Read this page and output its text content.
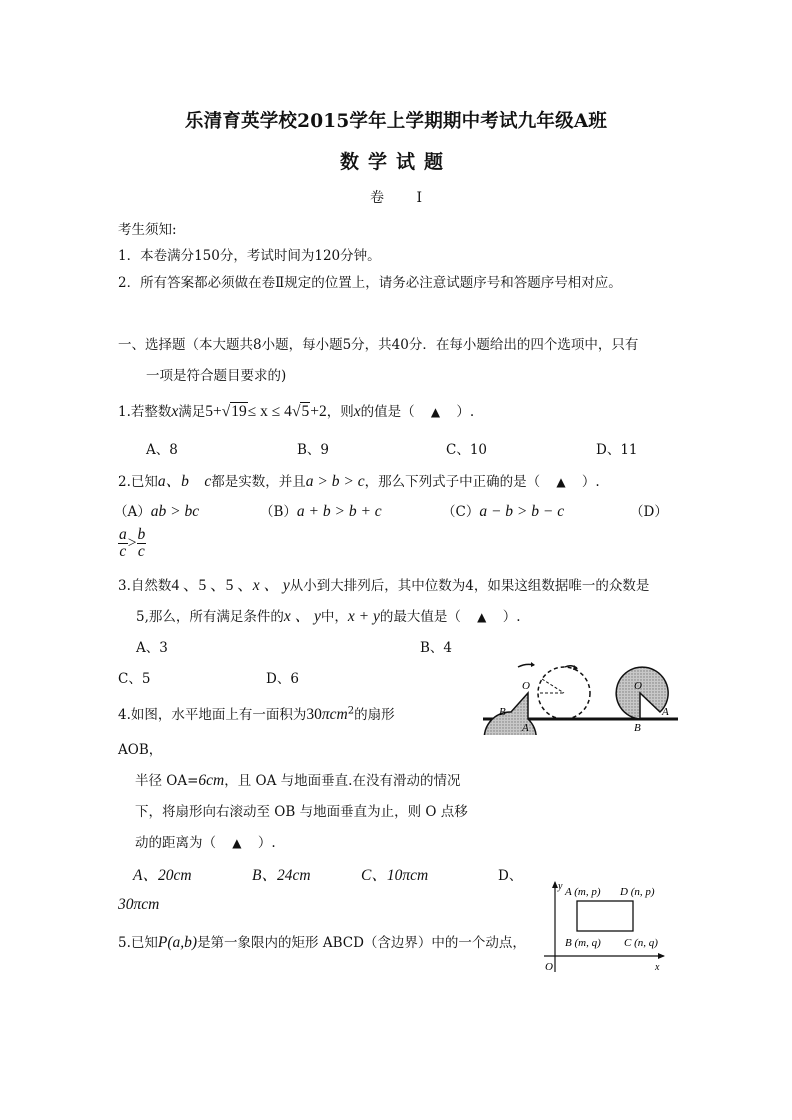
乐清育英学校2015学年上学期期中考试九年级A班
数学试题
卷 Ⅰ
考生须知:
1．本卷满分150分，考试时间为120分钟。
2．所有答案都必须做在卷Ⅱ规定的位置上，请务必注意试题序号和答题序号相对应。
一、选择题（本大题共8小题，每小题5分，共40分．在每小题给出的四个选项中，只有
一项是符合题目要求的)
1.若整数x满足5+√19≤ x ≤ 4√5+2，则x的值是（ ▲ ）.
A、8	B、9	C、10	D、11
2.已知a、b　c都是实数，并且a > b > c，那么下列式子中正确的是（ ▲ ）.
（A）ab > bc	（B）a + b > b + c	（C）a − b > b − c	（D）
$\frac{a}{c} > \frac{b}{c}$
3.自然数4 、5 、5 、x 、 y从小到大排列后，其中位数为4，如果这组数据唯一的众数是
5,那么，所有满足条件的x 、 y中，x + y的最大值是（ ▲ ）.
A、3	B、4
C、5	D、6
4.如图，水平地面上有一面积为30πcm$^2$的扇形
AOB，
半径 OA=6cm，且 OA 与地面垂直.在没有滑动的情况
下，将扇形向右滚动至 OB 与地面垂直为止，则 O 点移
动的距离为（ ▲ ）.
A、20cm	B、24cm	C、10πcm	D、
30πcm
O
B
A
O
A
B
5.已知P(a,b)是第一象限内的矩形 ABCD（含边界）中的一个动点，
y
x
O
A (m, p) D (n, p)
B (m, q) C (n, q)
